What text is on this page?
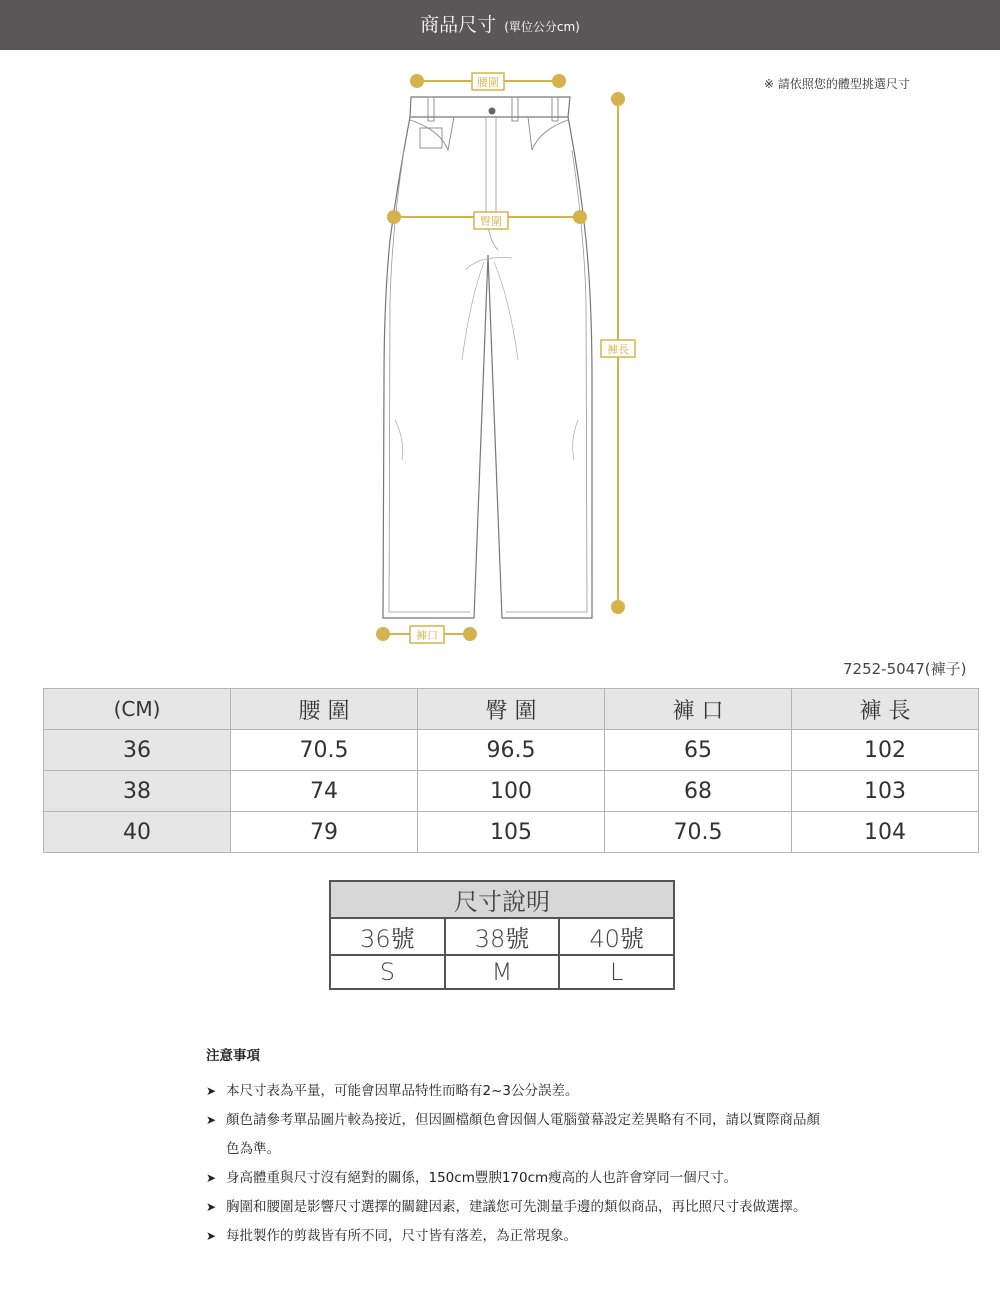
商品尺寸 (單位公分cm)
※ 請依照您的體型挑選尺寸
腰圍
臀圍
褲長
褲口
7252-5047(褲子)
(CM)	腰 圍	臀 圍	褲 口	褲 長
36	70.5	96.5	65	102
38	74	100	68	103
40	79	105	70.5	104
尺寸說明		
36號	38號	40號
S	M	L
注意事項
➤ 本尺寸表為平量，可能會因單品特性而略有2~3公分誤差。
➤ 顏色請參考單品圖片較為接近，但因圖檔顏色會因個人電腦螢幕設定差異略有不同，請以實際商品顏色為準。
➤ 身高體重與尺寸沒有絕對的關係，150cm豐腴170cm瘦高的人也許會穿同一個尺寸。
➤ 胸圍和腰圍是影響尺寸選擇的關鍵因素，建議您可先測量手邊的類似商品，再比照尺寸表做選擇。
➤ 每批製作的剪裁皆有所不同，尺寸皆有落差，為正常現象。
